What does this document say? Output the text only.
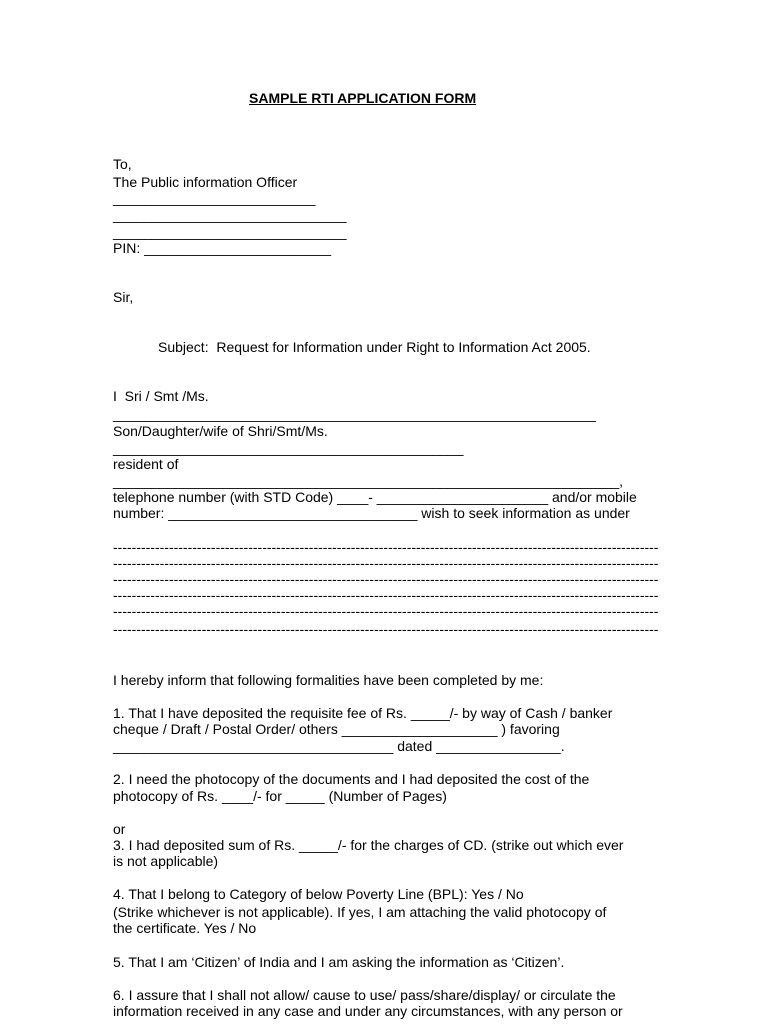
SAMPLE RTI APPLICATION FORM
To,
The Public information Officer
__________________________
______________________________
______________________________
PIN: ________________________
Sir,
Subject:  Request for Information under Right to Information Act 2005.
I  Sri / Smt /Ms.
______________________________________________________________
Son/Daughter/wife of Shri/Smt/Ms.
_____________________________________________
resident of
_________________________________________________________________,
telephone number (with STD Code) ____- ______________________ and/or mobile
number: ________________________________ wish to seek information as under
---------------------------------------------------------------------------------------------------------------------
---------------------------------------------------------------------------------------------------------------------
---------------------------------------------------------------------------------------------------------------------
---------------------------------------------------------------------------------------------------------------------
---------------------------------------------------------------------------------------------------------------------
---------------------------------------------------------------------------------------------------------------------
I hereby inform that following formalities have been completed by me:
1. That I have deposited the requisite fee of Rs. _____/- by way of Cash / banker
cheque / Draft / Postal Order/ others ____________________ ) favoring
____________________________________ dated ________________.
2. I need the photocopy of the documents and I had deposited the cost of the
photocopy of Rs. ____/- for _____ (Number of Pages)
or
3. I had deposited sum of Rs. _____/- for the charges of CD. (strike out which ever
is not applicable)
4. That I belong to Category of below Poverty Line (BPL): Yes / No
(Strike whichever is not applicable). If yes, I am attaching the valid photocopy of
the certificate. Yes / No
5. That I am ‘Citizen’ of India and I am asking the information as ‘Citizen’.
6. I assure that I shall not allow/ cause to use/ pass/share/display/ or circulate the
information received in any case and under any circumstances, with any person or
